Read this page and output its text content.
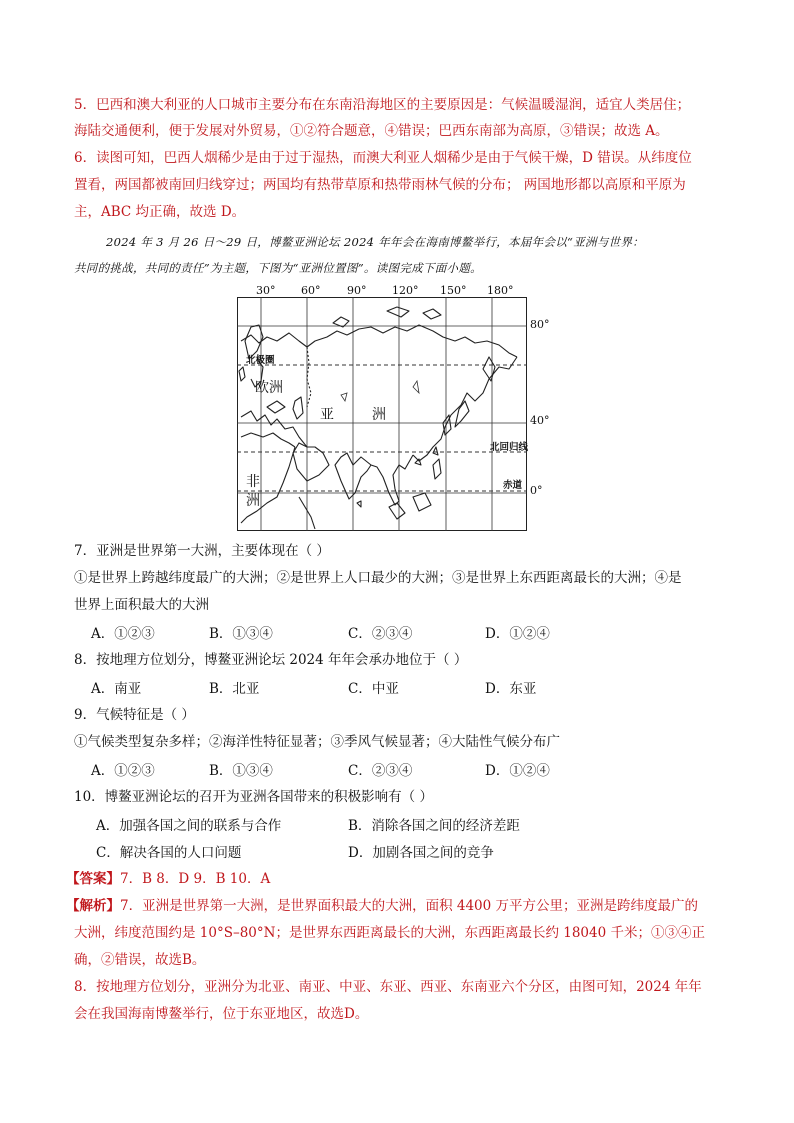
5．巴西和澳大利亚的人口城市主要分布在东南沿海地区的主要原因是：气候温暖湿润，适宜人类居住；
海陆交通便利，便于发展对外贸易，①②符合题意，④错误；巴西东南部为高原，③错误；故选 A。
6．读图可知，巴西人烟稀少是由于过于湿热，而澳大利亚人烟稀少是由于气候干燥，D 错误。从纬度位
置看，两国都被南回归线穿过；两国均有热带草原和热带雨林气候的分布； 两国地形都以高原和平原为
主，ABC 均正确，故选 D。
2024 年 3 月 26 日～29 日，博鳌亚洲论坛 2024 年年会在海南博鳌举行，本届年会以“亚洲与世界：
共同的挑战，共同的责任”为主题，下图为“亚洲位置图”。读图完成下面小题。
30° 60° 90° 120° 150° 180°
北极圈
北回归线
赤道
80°
40°
0°
欧洲
亚	洲
非
洲
7．亚洲是世界第一大洲，主要体现在（ ）
①是世界上跨越纬度最广的大洲；②是世界上人口最少的大洲；③是世界上东西距离最长的大洲；④是
世界上面积最大的大洲
A．①②③	B．①③④	C．②③④	D．①②④
8．按地理方位划分，博鳌亚洲论坛 2024 年年会承办地位于（ ）
A．南亚	B．北亚	C．中亚	D．东亚
9．气候特征是（ ）
①气候类型复杂多样；②海洋性特征显著；③季风气候显著；④大陆性气候分布广
A．①②③	B．①③④	C．②③④	D．①②④
10．博鳌亚洲论坛的召开为亚洲各国带来的积极影响有（ ）
A．加强各国之间的联系与合作	B．消除各国之间的经济差距
C．解决各国的人口问题	D．加剧各国之间的竞争
【答案】7．B 8．D 9．B 10．A
【解析】7．亚洲是世界第一大洲，是世界面积最大的大洲，面积 4400 万平方公里；亚洲是跨纬度最广的
大洲，纬度范围约是 10°S–80°N；是世界东西距离最长的大洲，东西距离最长约 18040 千米；①③④正
确，②错误，故选B。
8．按地理方位划分，亚洲分为北亚、南亚、中亚、东亚、西亚、东南亚六个分区，由图可知，2024 年年
会在我国海南博鳌举行，位于东亚地区，故选D。
